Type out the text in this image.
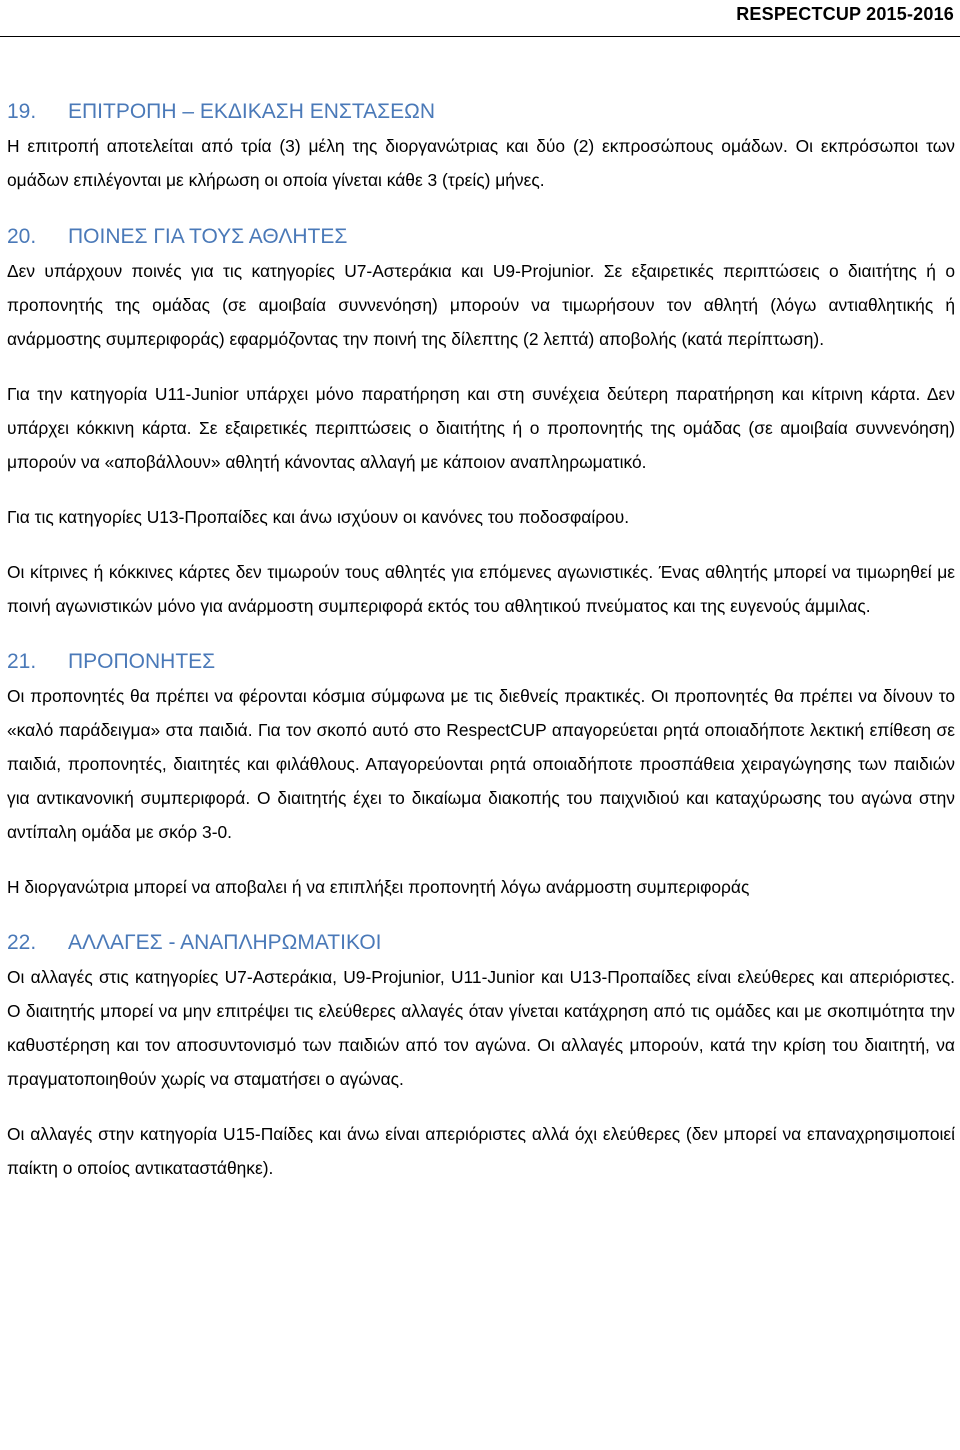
RESPECTCUP 2015-2016
19. ΕΠΙΤΡΟΠΗ – ΕΚΔΙΚΑΣΗ ΕΝΣΤΑΣΕΩΝ

Η επιτροπή αποτελείται από τρία (3) μέλη της διοργανώτριας και δύο (2) εκπροσώπους ομάδων. Οι εκπρόσωποι των ομάδων επιλέγονται με κλήρωση οι οποία γίνεται κάθε 3 (τρείς) μήνες.

20. ΠΟΙΝΕΣ ΓΙΑ ΤΟΥΣ ΑΘΛΗΤΕΣ

Δεν υπάρχουν ποινές για τις κατηγορίες U7-Αστεράκια και U9-Projunior. Σε εξαιρετικές περιπτώσεις ο διαιτήτης ή ο προπονητής της ομάδας (σε αμοιβαία συννενόηση) μπορούν να τιμωρήσουν τον αθλητή (λόγω αντιαθλητικής ή ανάρμοστης συμπεριφοράς) εφαρμόζοντας την ποινή της δίλεπτης (2 λεπτά) αποβολής (κατά περίπτωση).

Για την κατηγορία U11-Junior υπάρχει μόνο παρατήρηση και στη συνέχεια δεύτερη παρατήρηση και κίτρινη κάρτα. Δεν υπάρχει κόκκινη κάρτα. Σε εξαιρετικές περιπτώσεις ο διαιτήτης ή ο προπονητής της ομάδας (σε αμοιβαία συννενόηση) μπορούν να «αποβάλλουν» αθλητή κάνοντας αλλαγή με κάποιον αναπληρωματικό.

Για τις κατηγορίες U13-Προπαίδες και άνω ισχύουν οι κανόνες του ποδοσφαίρου.

Οι κίτρινες ή κόκκινες κάρτες δεν τιμωρούν τους αθλητές για επόμενες αγωνιστικές. Ένας αθλητής μπορεί να τιμωρηθεί με ποινή αγωνιστικών μόνο για ανάρμοστη συμπεριφορά εκτός του αθλητικού πνεύματος και της ευγενούς άμμιλας.

21. ΠΡΟΠΟΝΗΤΕΣ

Οι προπονητές θα πρέπει να φέρονται κόσμια σύμφωνα με τις διεθνείς πρακτικές. Οι προπονητές θα πρέπει να δίνουν το «καλό παράδειγμα» στα παιδιά. Για τον σκοπό αυτό στο RespectCUP απαγορεύεται ρητά οποιαδήποτε λεκτική επίθεση σε παιδιά, προπονητές, διαιτητές και φιλάθλους. Απαγορεύονται ρητά οποιαδήποτε προσπάθεια χειραγώγησης των παιδιών για αντικανονική συμπεριφορά. Ο διαιτητής έχει το δικαίωμα διακοπής του παιχνιδιού και καταχύρωσης του αγώνα στην αντίπαλη ομάδα με σκόρ 3-0.

Η διοργανώτρια μπορεί να αποβαλει ή να επιπλήξει προπονητή λόγω ανάρμοστη συμπεριφοράς

22. ΑΛΛΑΓΕΣ - ΑΝΑΠΛΗΡΩΜΑΤΙΚΟΙ

Οι αλλαγές στις κατηγορίες U7-Αστεράκια, U9-Projunior, U11-Junior και U13-Προπαίδες είναι ελεύθερες και απεριόριστες. Ο διαιτητής μπορεί να μην επιτρέψει τις ελεύθερες αλλαγές όταν γίνεται κατάχρηση από τις ομάδες και με σκοπιμότητα την καθυστέρηση και τον αποσυντονισμό των παιδιών από τον αγώνα. Οι αλλαγές μπορούν, κατά την κρίση του διαιτητή, να πραγματοποιηθούν χωρίς να σταματήσει ο αγώνας.

Οι αλλαγές στην κατηγορία U15-Παίδες και άνω είναι απεριόριστες αλλά όχι ελεύθερες (δεν μπορεί να επαναχρησιμοποιεί παίκτη ο οποίος αντικαταστάθηκε).
